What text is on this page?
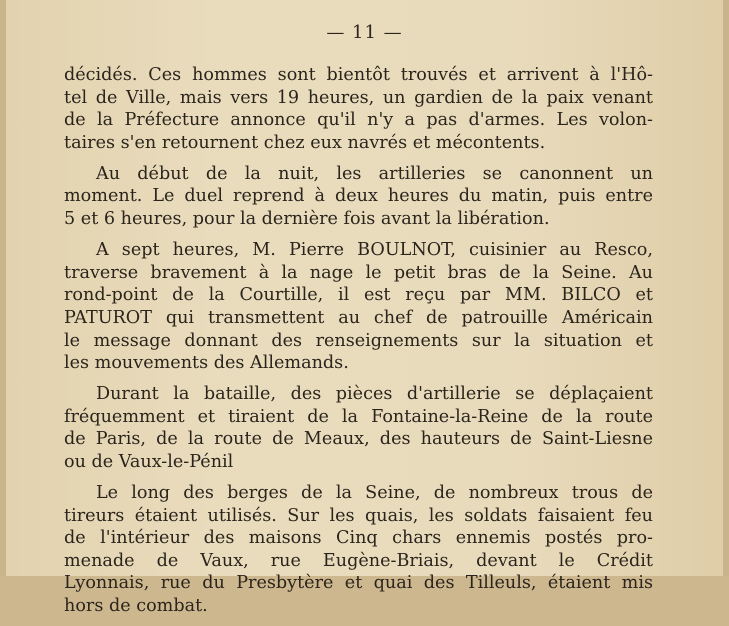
— 11 —

décidés. Ces hommes sont bientôt trouvés et arrivent à l'Hô-
tel de Ville, mais vers 19 heures, un gardien de la paix venant
de la Préfecture annonce qu'il n'y a pas d'armes. Les volon-
taires s'en retournent chez eux navrés et mécontents.

Au début de la nuit, les artilleries se canonnent un
moment. Le duel reprend à deux heures du matin, puis entre
5 et 6 heures, pour la dernière fois avant la libération.

A sept heures, M. Pierre BOULNOT, cuisinier au Resco,
traverse bravement à la nage le petit bras de la Seine. Au
rond-point de la Courtille, il est reçu par MM. BILCO et
PATUROT qui transmettent au chef de patrouille Américain
le message donnant des renseignements sur la situation et
les mouvements des Allemands.

Durant la bataille, des pièces d'artillerie se déplaçaient
fréquemment et tiraient de la Fontaine-la-Reine de la route
de Paris, de la route de Meaux, des hauteurs de Saint-Liesne
ou de Vaux-le-Pénil

Le long des berges de la Seine, de nombreux trous de
tireurs étaient utilisés. Sur les quais, les soldats faisaient feu
de l'intérieur des maisons Cinq chars ennemis postés pro-
menade de Vaux, rue Eugène-Briais, devant le Crédit
Lyonnais, rue du Presbytère et quai des Tilleuls, étaient mis
hors de combat.
